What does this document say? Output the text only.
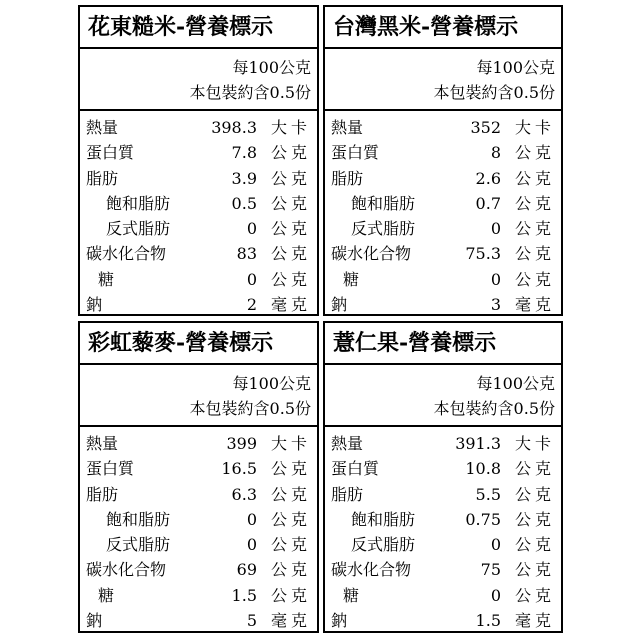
花東糙米-營養標示
每100公克
本包裝約含0.5份
熱量	398.3 大卡
蛋白質	7.8 公克
脂肪	3.9 公克
飽和脂肪	0.5 公克
反式脂肪	0 公克
碳水化合物	83 公克
糖	0 公克
鈉	2 毫克
台灣黑米-營養標示
每100公克
本包裝約含0.5份
熱量	352 大卡
蛋白質	8 公克
脂肪	2.6 公克
飽和脂肪	0.7 公克
反式脂肪	0 公克
碳水化合物	75.3 公克
糖	0 公克
鈉	3 毫克
彩虹藜麥-營養標示
每100公克
本包裝約含0.5份
熱量	399 大卡
蛋白質	16.5 公克
脂肪	6.3 公克
飽和脂肪	0 公克
反式脂肪	0 公克
碳水化合物	69 公克
糖	1.5 公克
鈉	5 毫克
薏仁果-營養標示
每100公克
本包裝約含0.5份
熱量	391.3 大卡
蛋白質	10.8 公克
脂肪	5.5 公克
飽和脂肪	0.75 公克
反式脂肪	0 公克
碳水化合物	75 公克
糖	0 公克
鈉	1.5 毫克
